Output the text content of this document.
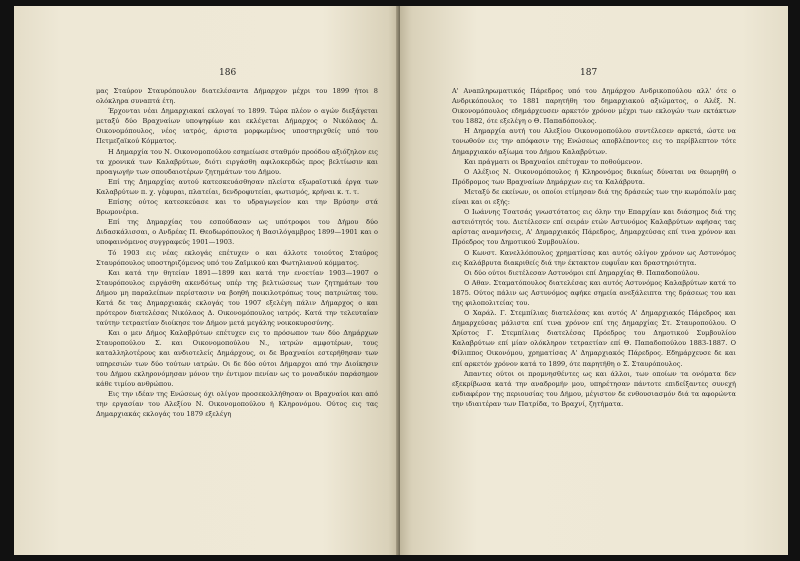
186

μας Σταύρον Σταυρόπουλον διατελέσαντα Δήμαρχον μέχρι του 1899 ήτοι 8 ολόκληρα συναπτά έτη.

Έρχονται νέαι Δημαρχιακαί εκλογαί το 1899. Τώρα πλέον ο αγών διεξάγεται μεταξύ δύο Βραχναίων υποψηφίων και εκλέγεται Δήμαρχος ο Νικόλαος Δ. Οικονομόπουλος, νέος ιατρός, άριστα μορφωμένος υποστηριχθείς υπό του Πετμεζαϊκού Κόμματος.

Η Δημαρχία του Ν. Οικονομοπούλου εσημείωσε σταθμόν προόδου αξιόζηλον εις τα χρονικά των Καλαβρύτων, διότι ειργάσθη αφιλοκερδώς προς βελτίωσιν και προαγωγήν των σπουδαιοτέρων ζητημάτων του Δήμου.

Επί της Δημαρχίας αυτού κατεσκευάσθησαν πλείστα εξωραϊστικά έργα των Καλαβρύτων π. χ. γέφυραι, πλατείαι, δενδροφυτείαι, φωτισμός, κρήναι κ. τ. τ.

Επίσης ούτος κατεσκεύασε και το υδραγωγείον και την Βρύσην στά Βρωμονέρια.

Επί της Δημαρχίας του εσπούδασαν ως υπότροφοι του Δήμου δύο Διδασκάλισσαι, ο Ανδρέας Π. Θεοδωρόπουλος ή Βασιλόγαμβρος 1899—1901 και ο υποφαινόμενος συγγραφεύς 1901—1903.

Τό 1903 εις νέας εκλογάς επέτυχεν ο και άλλοτε τοιούτος Σταύρος Σταυρόπουλος υποστηριζόμενος υπό του Ζαϊμικού και Φωτηλιανού κόμματος.

Και κατά την θητείαν 1891—1899 και κατά την ενοετίαν 1903—1907 ο Σταυρόπουλος ειργάσθη ακενδότως υπέρ της βελτιώσεως των ζητημάτων του Δήμου μη παραλείπων περίστασιν να βοηθή ποικιλοτρόπως τους πατριώτας του. Κατά δε τας Δημαρχιακάς εκλογάς του 1907 εξελέγη πάλιν Δήμαρχος ο και πρότερον διατελέσας Νικόλαος Δ. Οικονομόπουλος ιατρός. Κατά την τελευταίαν ταύτην τετραετίαν διοίκησε τον Δήμον μετά μεγάλης νοικοκυροσύνης.

Και ο μεν Δήμος Καλαβρύτων επέτυχεν εις το πρόσωπον των δύο Δημάρχων Σταυροπούλου Σ. και Οικονομοπούλου Ν., ιατρών αμφοτέρων, τους καταλληλοτέρους και ανδιοτελείς Δημάρχους, οι δε Βραχναίοι εστερήθησαν των υπηρεσιών των δύο τούτων ιατρών. Οι δε δύο ούτοι Δήμαρχοι από την Διοίκησιν του Δήμου εκληρονόμησαν μόνον την έντιμον πενίαν ως το μοναδικόν παράσημον κάθε τιμίου ανθρώπου.

Εις την ιδέαν της Ενώσεως όχι ολίγον προσεκολλήθησαν οι Βραχναίοι και από την εργασίαν του Αλεξίου Ν. Οικονομοπούλου ή Κληρονόμου. Ούτος εις τας Δημαρχιακάς εκλογάς του 1879 εξελέγη

187

Α' Αναπληρωματικός Πάρεδρος υπό του Δημάρχου Ανδρικοπούλου αλλ' ότε ο Ανδρικόπουλος το 1881 παρητήθη του δημαρχιακού αξιώματος, ο Αλέξ. Ν. Οικονομόπουλος εδημάρχευσεν αρκετόν χρόνον μέχρι των εκλογών των εκτάκτων του 1882, ότε εξελέγη ο Θ. Παπαδόπουλος.

Η Δημαρχία αυτή του Αλεξίου Οικονομοπούλου συντέλεσεν αρκετά, ώστε να τονωθούν εις την απόφασιν της Ενώσεως αποβλέποντες εις το περίβλεπτον τότε Δημαρχιακόν αξίωμα του Δήμου Καλαβρύτων.

Και πράγματι οι Βραχναίοι επέτυχαν το ποθούμενον.

Ο Αλέξιος Ν. Οικονομόπουλος ή Κληρονόμος δικαίως δύναται να θεωρηθή ο Πρόδρομος των Βραχναίων Δημάρχων εις τα Καλάβρυτα.

Μεταξύ δε εκείνων, οι οποίοι ετίμησαν διά της δράσεώς των την κωμόπολίν μας είναι και οι εξής:

Ο Ιωάννης Τσατσάς γνωστότατος εις όλην την Επαρχίαν και διάσημος διά της αστειότητός του. Διετέλεσεν επί σειράν ετών Αστυνόμος Καλαβρύτων αφήσας τας αρίστας αναμνήσεις, Α' Δημαρχιακός Πάρεδρος, Δημαρχεύσας επί τινα χρόνον και Πρόεδρος του Δημοτικού Συμβουλίου.

Ο Κωνστ. Κανελλόπουλος χρηματίσας και αυτός ολίγον χρόνον ως Αστυνόμος εις Καλάβρυτα διακριθείς διά την έκτακτον ευφυΐαν και δραστηριότητα.

Οι δύο ούτοι διετέλεσαν Αστυνόμοι επί Δημαρχίας Θ. Παπαδοπούλου.

Ο Αθαν. Σταματόπουλος διατελέσας και αυτός Αστυνόμος Καλαβρύτων κατά το 1875. Ούτος πάλιν ως Αστυνόμος αφήκε σημεία ανεξάλειπτα της δράσεως του και της φιλοπολιτείας του.

Ο Χαράλ. Γ. Στεμπίλιας διατελέσας και αυτός Α' Δημαρχιακός Πάρεδρος και Δημαρχεύσας μάλιστα επί τινα χρόνον επί της Δημαρχίας Στ. Σταυροπούλου. Ο Χρίστος Γ. Στεμπίλιας διατελέσας Πρόεδρος του Δημοτικού Συμβουλίου Καλαβρύτων επί μίαν ολόκληρον τετραετίαν επί Θ. Παπαδοπούλου 1883-1887. Ο Φίλιππος Οικονόμου, χρηματίσας Α' Δημαρχιακός Πάρεδρος. Εδημάρχευσε δε και επί αρκετόν χρόνον κατά το 1899, ότε παρητήθη ο Σ. Σταυρόπουλος.

Άπαντες ούτοι οι προμνησθέντες ως και άλλοι, των οποίων τα ονόματα δεν εξεκρίβωσα κατά την αναδρομήν μου, υπηρέτησαν πάντοτε επιδείξαντες συνεχή ενδιαφέρον της περιουσίας του Δήμου, μέγιστον δε ενθουσιασμόν διά τα αφορώντα την ιδιαιτέραν των Πατρίδα, το Βραχνί, ζητήματα.
